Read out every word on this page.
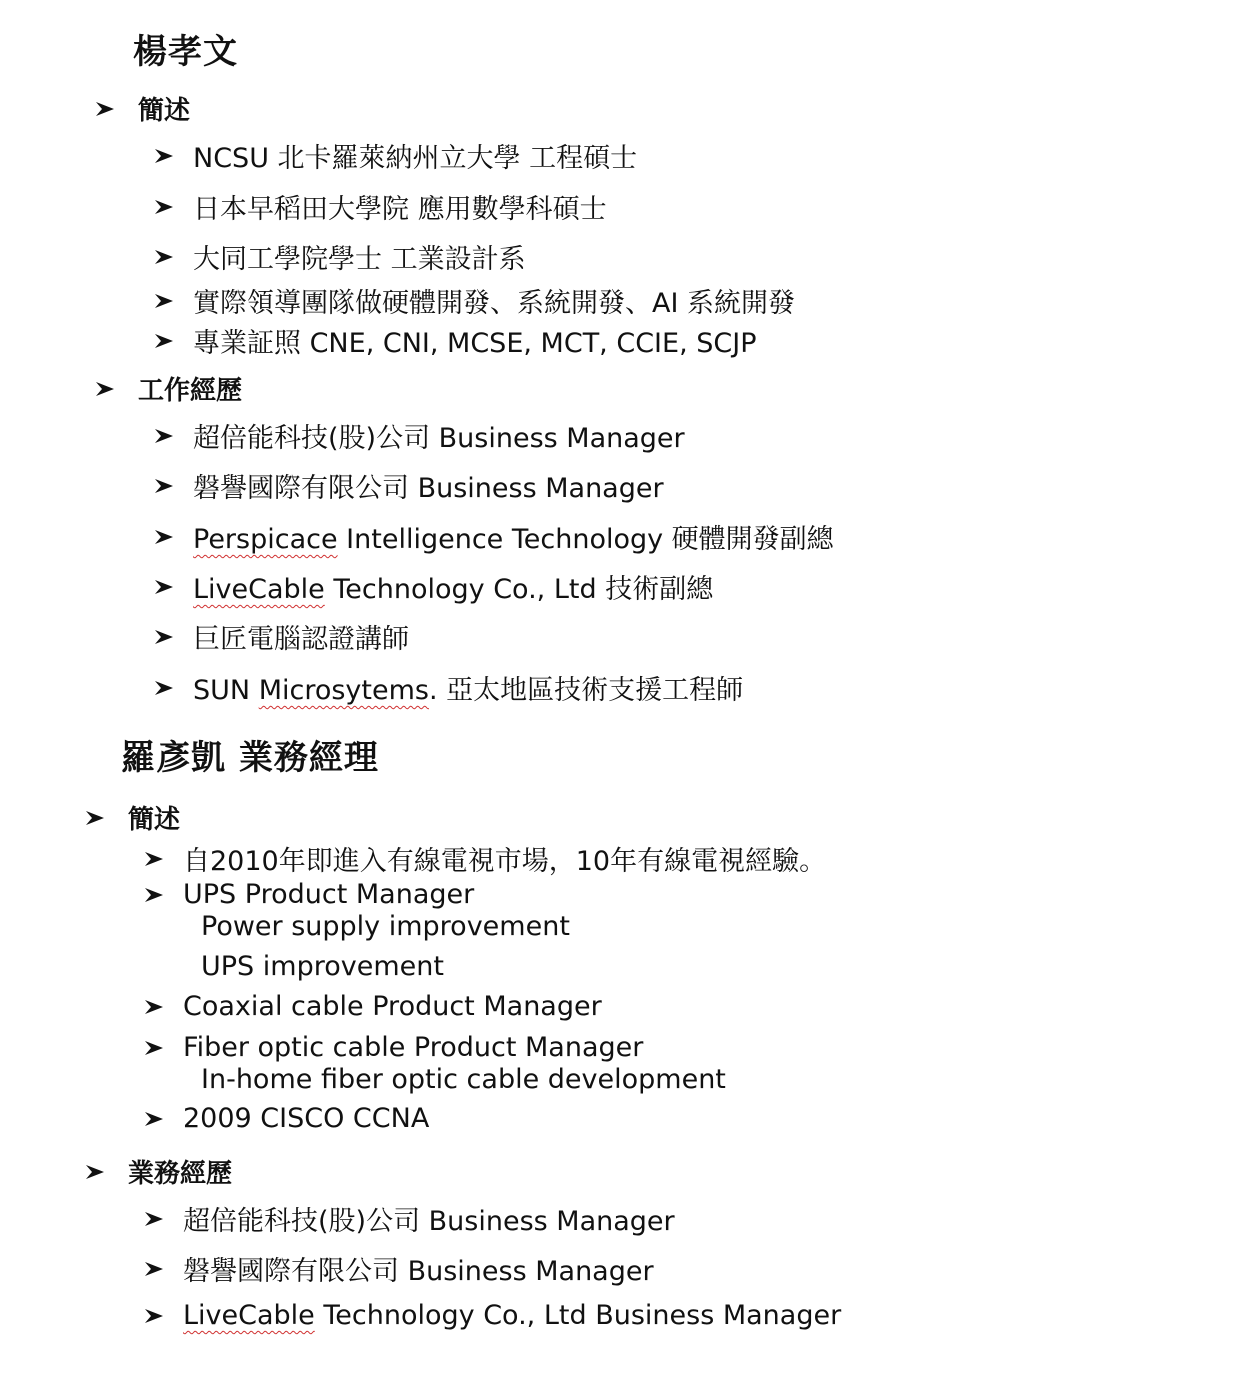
楊孝文
簡述
NCSU 北卡羅萊納州立大學 工程碩士
日本早稻田大學院 應用數學科碩士
大同工學院學士 工業設計系
實際領導團隊做硬體開發、系統開發、AI 系統開發
專業証照 CNE, CNI, MCSE, MCT, CCIE, SCJP
工作經歷
超倍能科技(股)公司 Business Manager
磐譽國際有限公司 Business Manager
Perspicace Intelligence Technology 硬體開發副總
LiveCable Technology Co., Ltd 技術副總
巨匠電腦認證講師
SUN Microsytems. 亞太地區技術支援工程師
羅彥凱 業務經理
簡述
自2010年即進入有線電視市場，10年有線電視經驗。
UPS Product Manager
Power supply improvement
UPS improvement
Coaxial cable Product Manager
Fiber optic cable Product Manager
In-home fiber optic cable development
2009 CISCO CCNA
業務經歷
超倍能科技(股)公司 Business Manager
磐譽國際有限公司 Business Manager
LiveCable Technology Co., Ltd Business Manager
